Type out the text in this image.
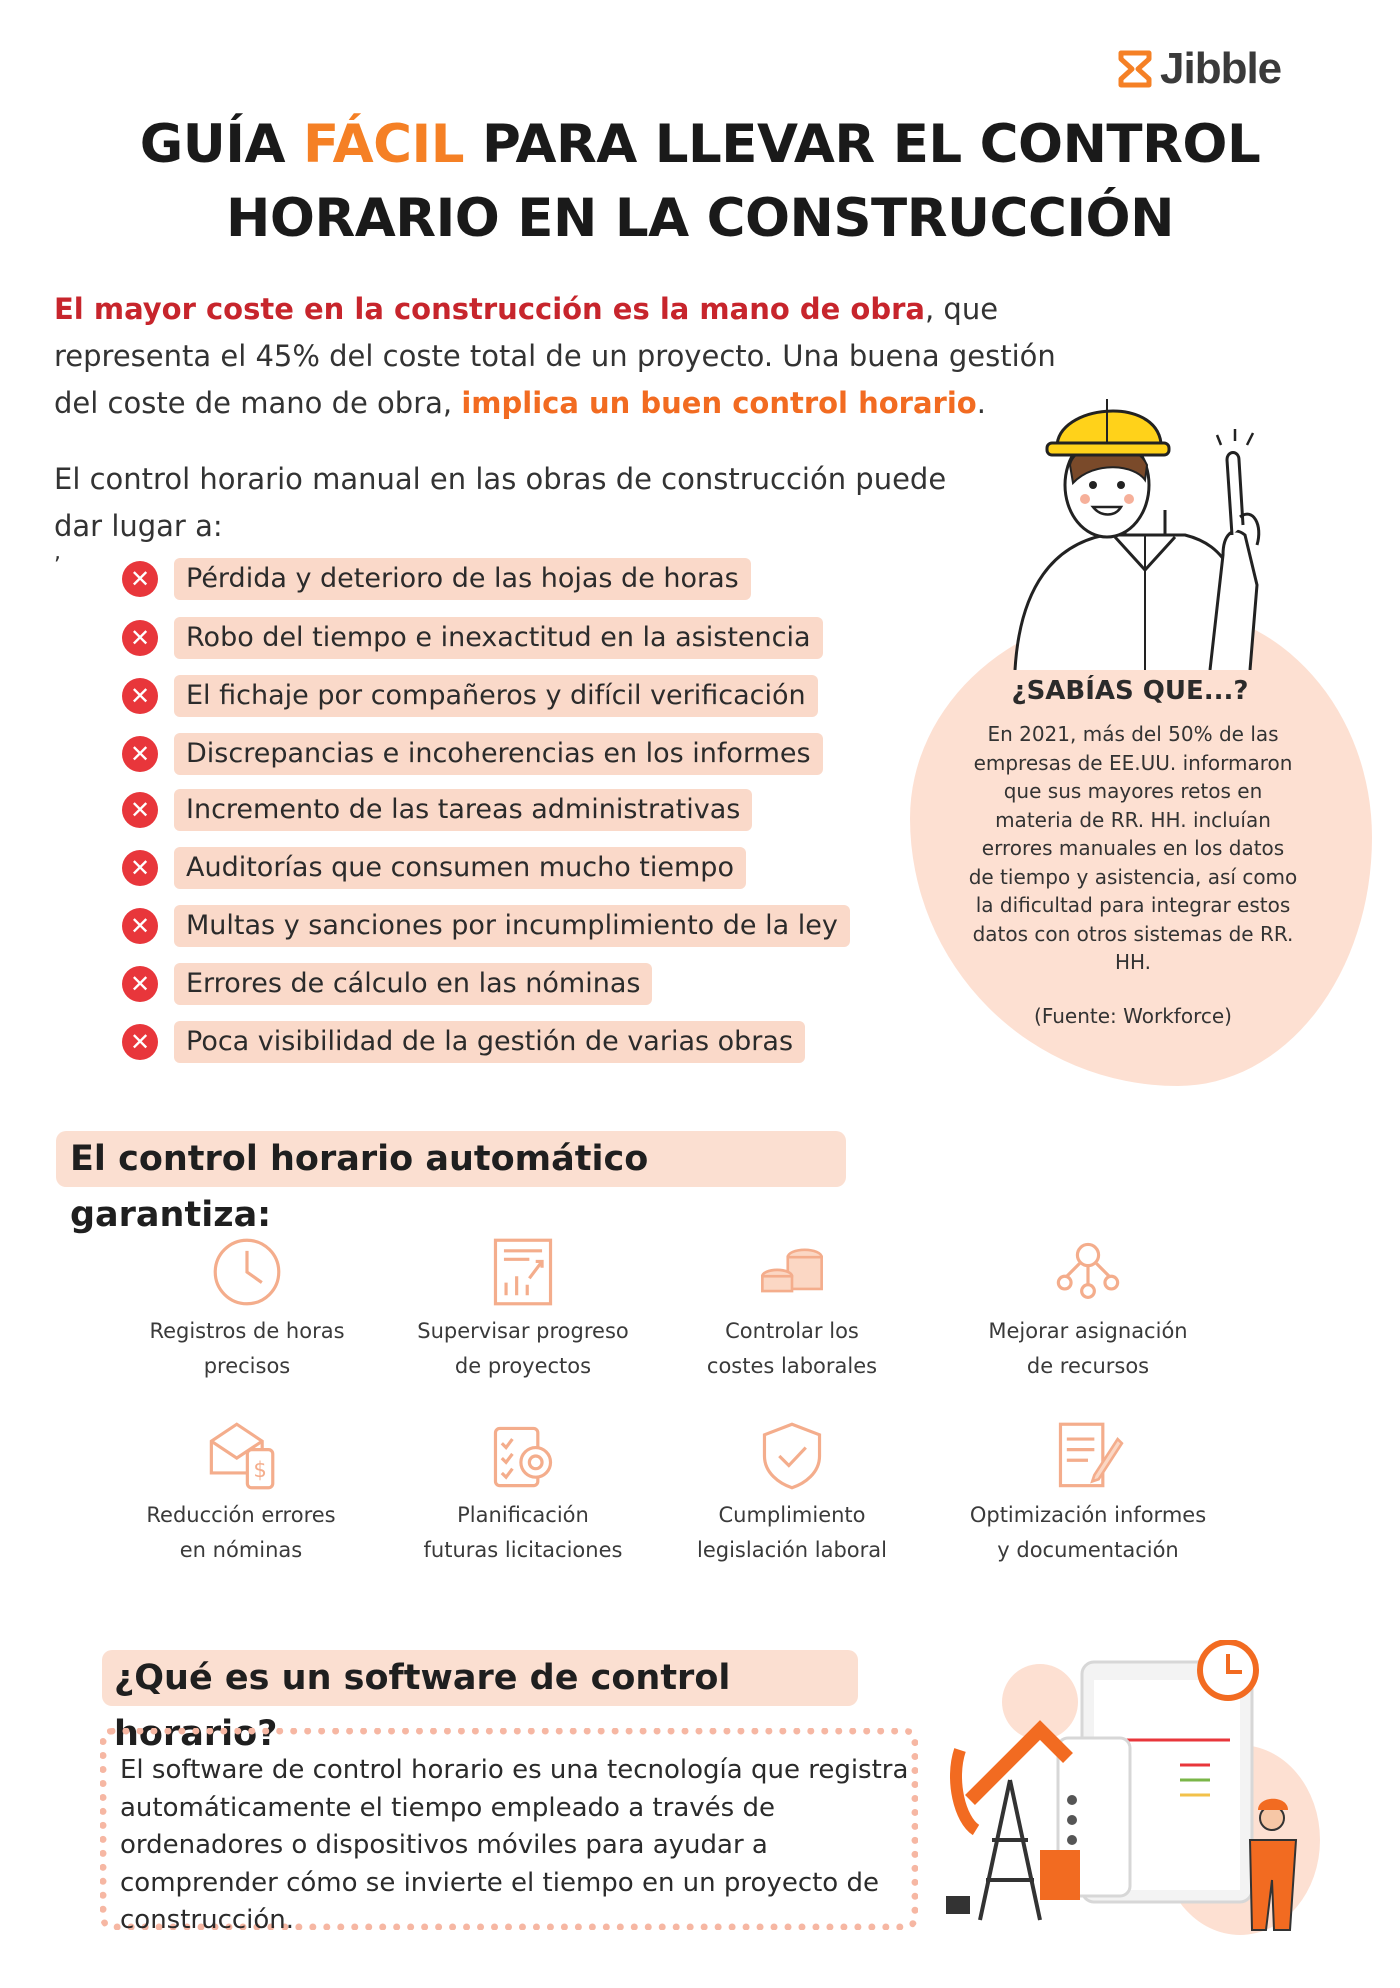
Jibble
GUÍA FÁCIL PARA LLEVAR EL CONTROL
HORARIO EN LA CONSTRUCCIÓN
El mayor coste en la construcción es la mano de obra, que representa el 45% del coste total de un proyecto. Una buena gestión del coste de mano de obra, implica un buen control horario.
El control horario manual en las obras de construcción puede dar lugar a:
,
✕	Pérdida y deterioro de las hojas de horas
✕	Robo del tiempo e inexactitud en la asistencia
✕	El fichaje por compañeros y difícil verificación
✕	Discrepancias e incoherencias en los informes
✕	Incremento de las tareas administrativas
✕	Auditorías que consumen mucho tiempo
✕	Multas y sanciones por incumplimiento de la ley
✕	Errores de cálculo en las nóminas
✕	Poca visibilidad de la gestión de varias obras
¿SABÍAS QUE...?
En 2021, más del 50% de las empresas de EE.UU. informaron que sus mayores retos en materia de RR. HH. incluían errores manuales en los datos de tiempo y asistencia, así como la dificultad para integrar estos datos con otros sistemas de RR. HH.
(Fuente: Workforce)
El control horario automático garantiza:
Registros de horas
precisos
Supervisar progreso
de proyectos
Controlar los
costes laborales
Mejorar asignación
de recursos
$
Reducción errores
en nóminas
Planificación
futuras licitaciones
Cumplimiento
legislación laboral
Optimización informes
y documentación
¿Qué es un software de control horario?
El software de control horario es una tecnología que registra automáticamente el tiempo empleado a través de ordenadores o dispositivos móviles para ayudar a comprender cómo se invierte el tiempo en un proyecto de construcción.
